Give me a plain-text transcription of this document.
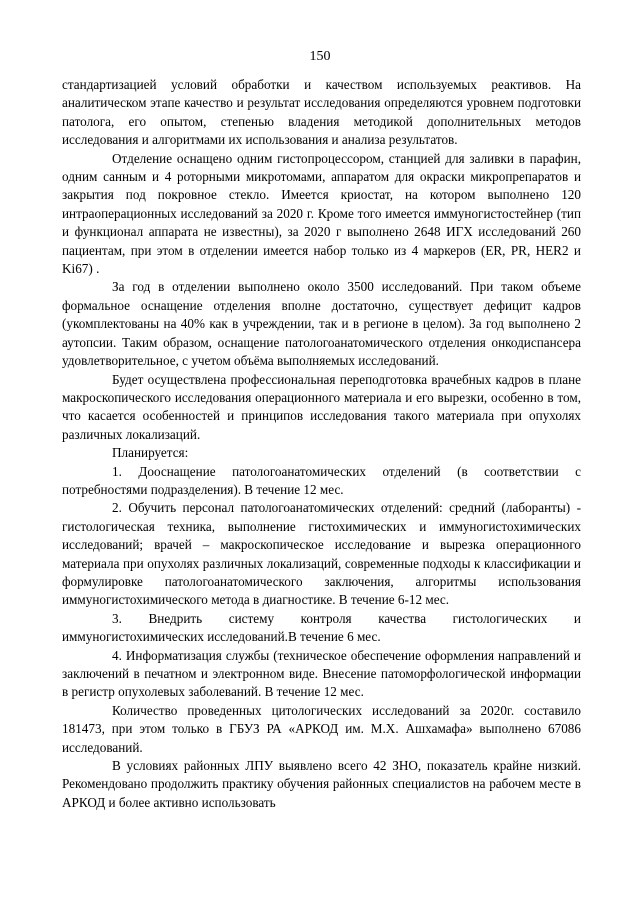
150

стандартизацией условий обработки и качеством используемых реактивов. На аналитическом этапе качество и результат исследования определяются уровнем подготовки патолога, его опытом, степенью владения методикой дополнительных методов исследования и алгоритмами их использования и анализа результатов.

Отделение оснащено одним гистопроцессором, станцией для заливки в парафин, одним санным и 4 роторными микротомами, аппаратом для окраски микропрепаратов и закрытия под покровное стекло. Имеется криостат, на котором выполнено 120 интраоперационных исследований за 2020 г. Кроме того имеется иммуногистостейнер (тип и функционал аппарата не известны), за 2020 г выполнено 2648 ИГХ исследований 260 пациентам, при этом в отделении имеется набор только из 4 маркеров (ER, PR, HER2 и Ki67) .

За год в отделении выполнено около 3500 исследований. При таком объеме формальное оснащение отделения вполне достаточно, существует дефицит кадров (укомплектованы на 40% как в учреждении, так и в регионе в целом). За год выполнено 2 аутопсии. Таким образом, оснащение патологоанатомического отделения онкодиспансера удовлетворительное, с учетом объёма выполняемых исследований.

Будет осуществлена профессиональная переподготовка врачебных кадров в плане макроскопического исследования операционного материала и его вырезки, особенно в том, что касается особенностей и принципов исследования такого материала при опухолях различных локализаций.

Планируется:

1. Дооснащение патологоанатомических отделений (в соответствии с потребностями подразделения). В течение 12 мес.

2. Обучить персонал патологоанатомических отделений: средний (лаборанты) - гистологическая техника, выполнение гистохимических и иммуногистохимических исследований; врачей – макроскопическое исследование и вырезка операционного материала при опухолях различных локализаций, современные подходы к классификации и формулировке патологоанатомического заключения, алгоритмы использования иммуногистохимического метода в диагностике. В течение 6-12 мес.

3. Внедрить систему контроля качества гистологических и иммуногистохимических исследований.В течение 6 мес.

4. Информатизация службы (техническое обеспечение оформления направлений и заключений в печатном и электронном виде. Внесение патоморфологической информации в регистр опухолевых заболеваний. В течение 12 мес.

Количество проведенных цитологических исследований за 2020г. составило 181473, при этом только в ГБУЗ РА «АРКОД им. М.Х. Ашхамафа» выполнено 67086 исследований.

В условиях районных ЛПУ выявлено всего 42 ЗНО, показатель крайне низкий. Рекомендовано продолжить практику обучения районных специалистов на рабочем месте в АРКОД и более активно использовать
